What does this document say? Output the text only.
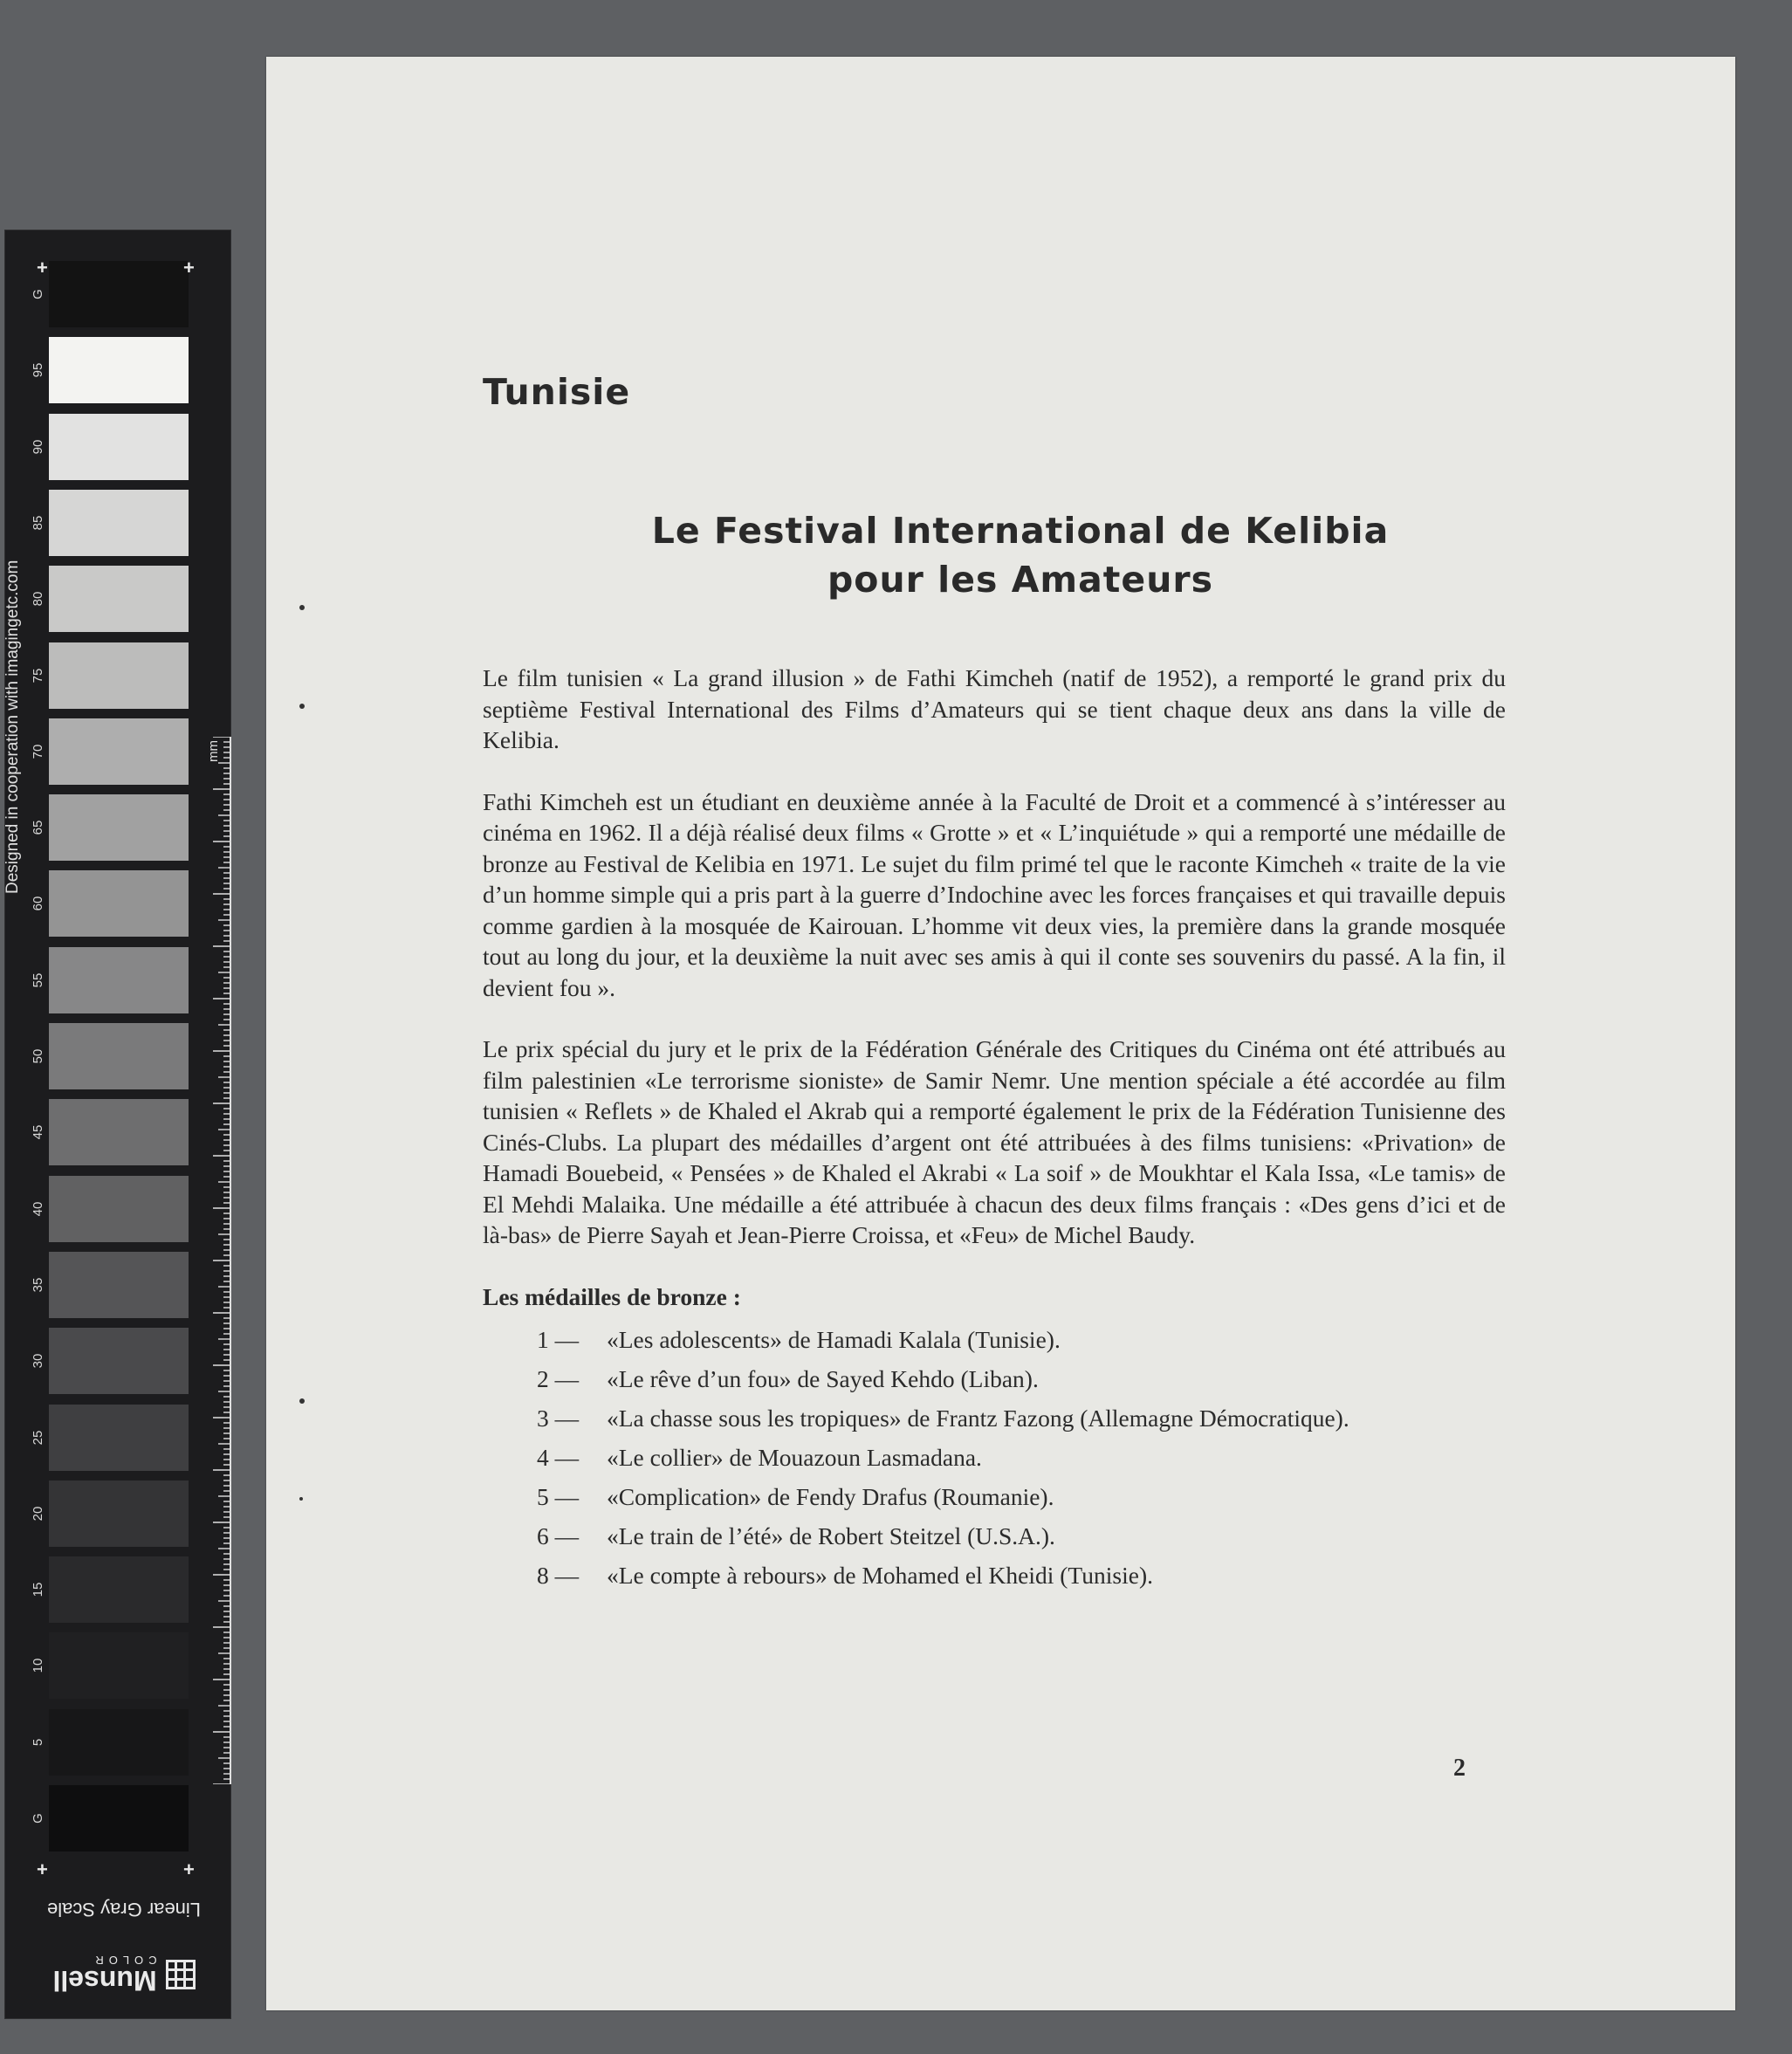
G
95
90
85
80
75
70
65
60
55
50
45
40
35
30
25
20
15
10
5
G
+	+
+	+
Designed in cooperation with imagingetc.com	mm
Linear Gray Scale
Munsell
COLOR
Tunisie
Le Festival International de Kelibia
pour les Amateurs

Le film tunisien « La grand illusion » de Fathi Kimcheh (natif de 1952), a remporté le grand prix du septième Festival International des Films d’Amateurs qui se tient chaque deux ans dans la ville de Kelibia.

Fathi Kimcheh est un étudiant en deuxième année à la Faculté de Droit et a commencé à s’intéresser au cinéma en 1962. Il a déjà réalisé deux films « Grotte » et « L’inquiétude » qui a remporté une médaille de bronze au Festival de Kelibia en 1971. Le sujet du film primé tel que le raconte Kimcheh « traite de la vie d’un homme simple qui a pris part à la guerre d’Indochine avec les forces françaises et qui travaille depuis comme gardien à la mosquée de Kairouan. L’homme vit deux vies, la première dans la grande mosquée tout au long du jour, et la deuxième la nuit avec ses amis à qui il conte ses souvenirs du passé. A la fin, il devient fou ».

Le prix spécial du jury et le prix de la Fédération Générale des Critiques du Cinéma ont été attribués au film palestinien «Le terrorisme sioniste» de Samir Nemr. Une mention spéciale a été accordée au film tunisien « Reflets » de Khaled el Akrab qui a remporté également le prix de la Fédération Tunisienne des Cinés-Clubs. La plupart des médailles d’argent ont été attribuées à des films tunisiens: «Privation» de Hamadi Bouebeid, « Pensées » de Khaled el Akrabi « La soif » de Moukhtar el Kala Issa, «Le tamis» de El Mehdi Malaika. Une médaille a été attribuée à chacun des deux films français : «Des gens d’ici et de là-bas» de Pierre Sayah et Jean-Pierre Croissa, et «Feu» de Michel Baudy.

Les médailles de bronze :
1 —	«Les adolescents» de Hamadi Kalala (Tunisie).
2 —	«Le rêve d’un fou» de Sayed Kehdo (Liban).
3 —	«La chasse sous les tropiques» de Frantz Fazong (Allemagne Démocratique).
4 —	«Le collier» de Mouazoun Lasmadana.
5 —	«Complication» de Fendy Drafus (Roumanie).
6 —	«Le train de l’été» de Robert Steitzel (U.S.A.).
8 —	«Le compte à rebours» de Mohamed el Kheidi (Tunisie).
2
